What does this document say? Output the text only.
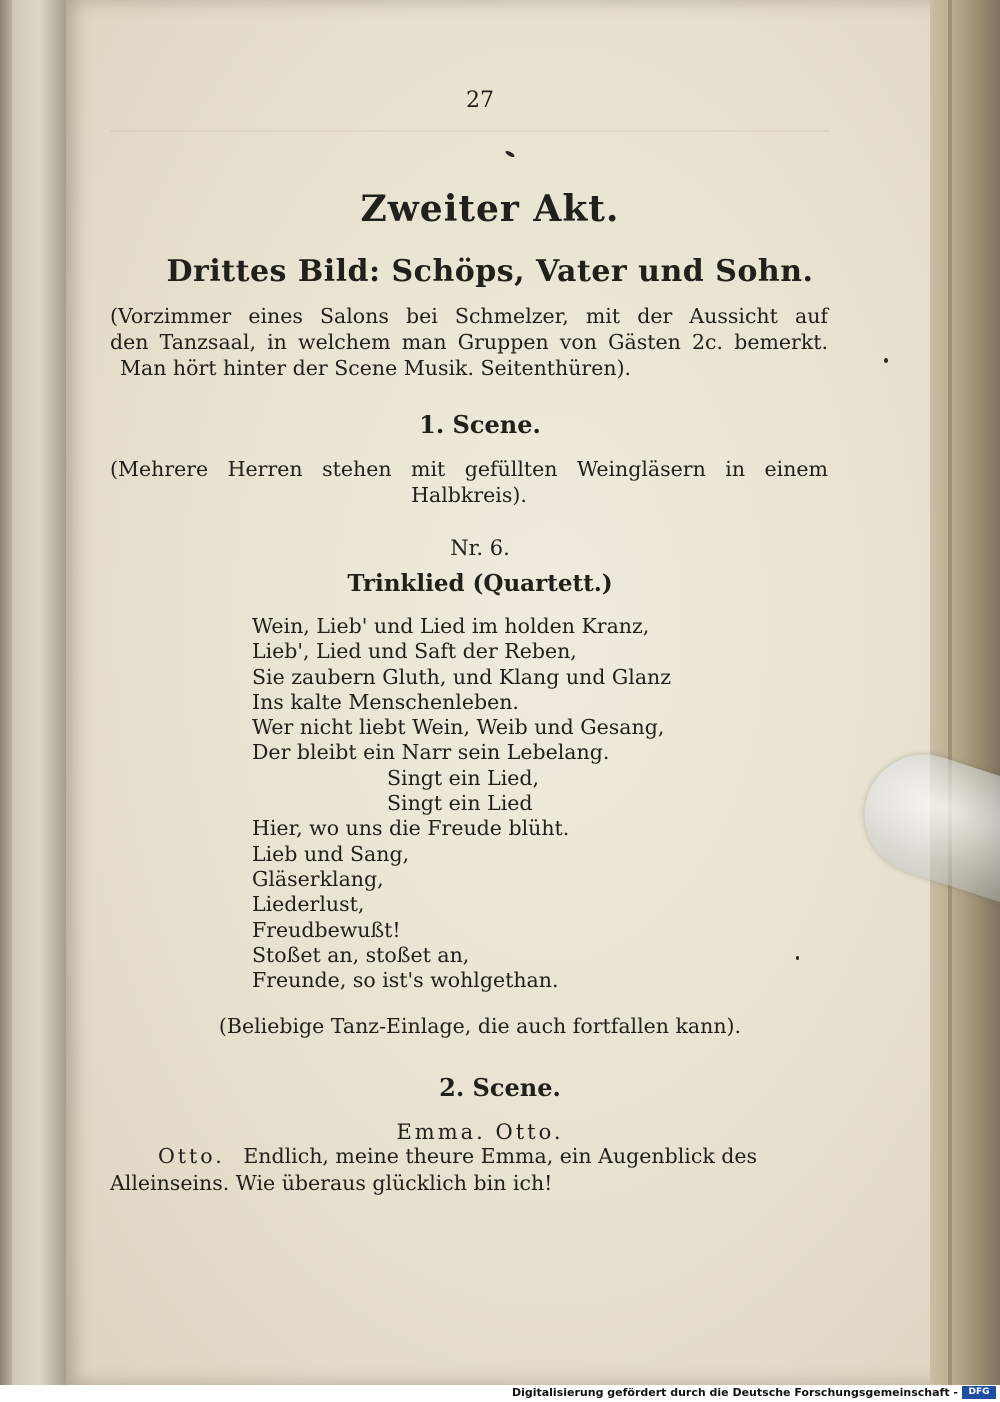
27
Zweiter Akt.
Drittes Bild: Schöps, Vater und Sohn.
(Vorzimmer eines Salons bei Schmelzer, mit der Aussicht auf
den Tanzsaal, in welchem man Gruppen von Gästen 2c. bemerkt.
Man hört hinter der Scene Musik. Seitenthüren).
1. Scene.
(Mehrere Herren stehen mit gefüllten Weingläsern in einem
Halbkreis).
Nr. 6.
Trinklied (Quartett.)
Wein, Lieb' und Lied im holden Kranz,
Lieb', Lied und Saft der Reben,
Sie zaubern Gluth, und Klang und Glanz
Ins kalte Menschenleben.
Wer nicht liebt Wein, Weib und Gesang,
Der bleibt ein Narr sein Lebelang.
Singt ein Lied,
Singt ein Lied
Hier, wo uns die Freude blüht.
Lieb und Sang,
Gläserklang,
Liederlust,
Freudbewußt!
Stoßet an, stoßet an,
Freunde, so ist's wohlgethan.
(Beliebige Tanz-Einlage, die auch fortfallen kann).
2. Scene.
Emma. Otto.
Otto. Endlich, meine theure Emma, ein Augenblick des
Alleinseins. Wie überaus glücklich bin ich!
Digitalisierung gefördert durch die Deutsche Forschungsgemeinschaft -	DFG
